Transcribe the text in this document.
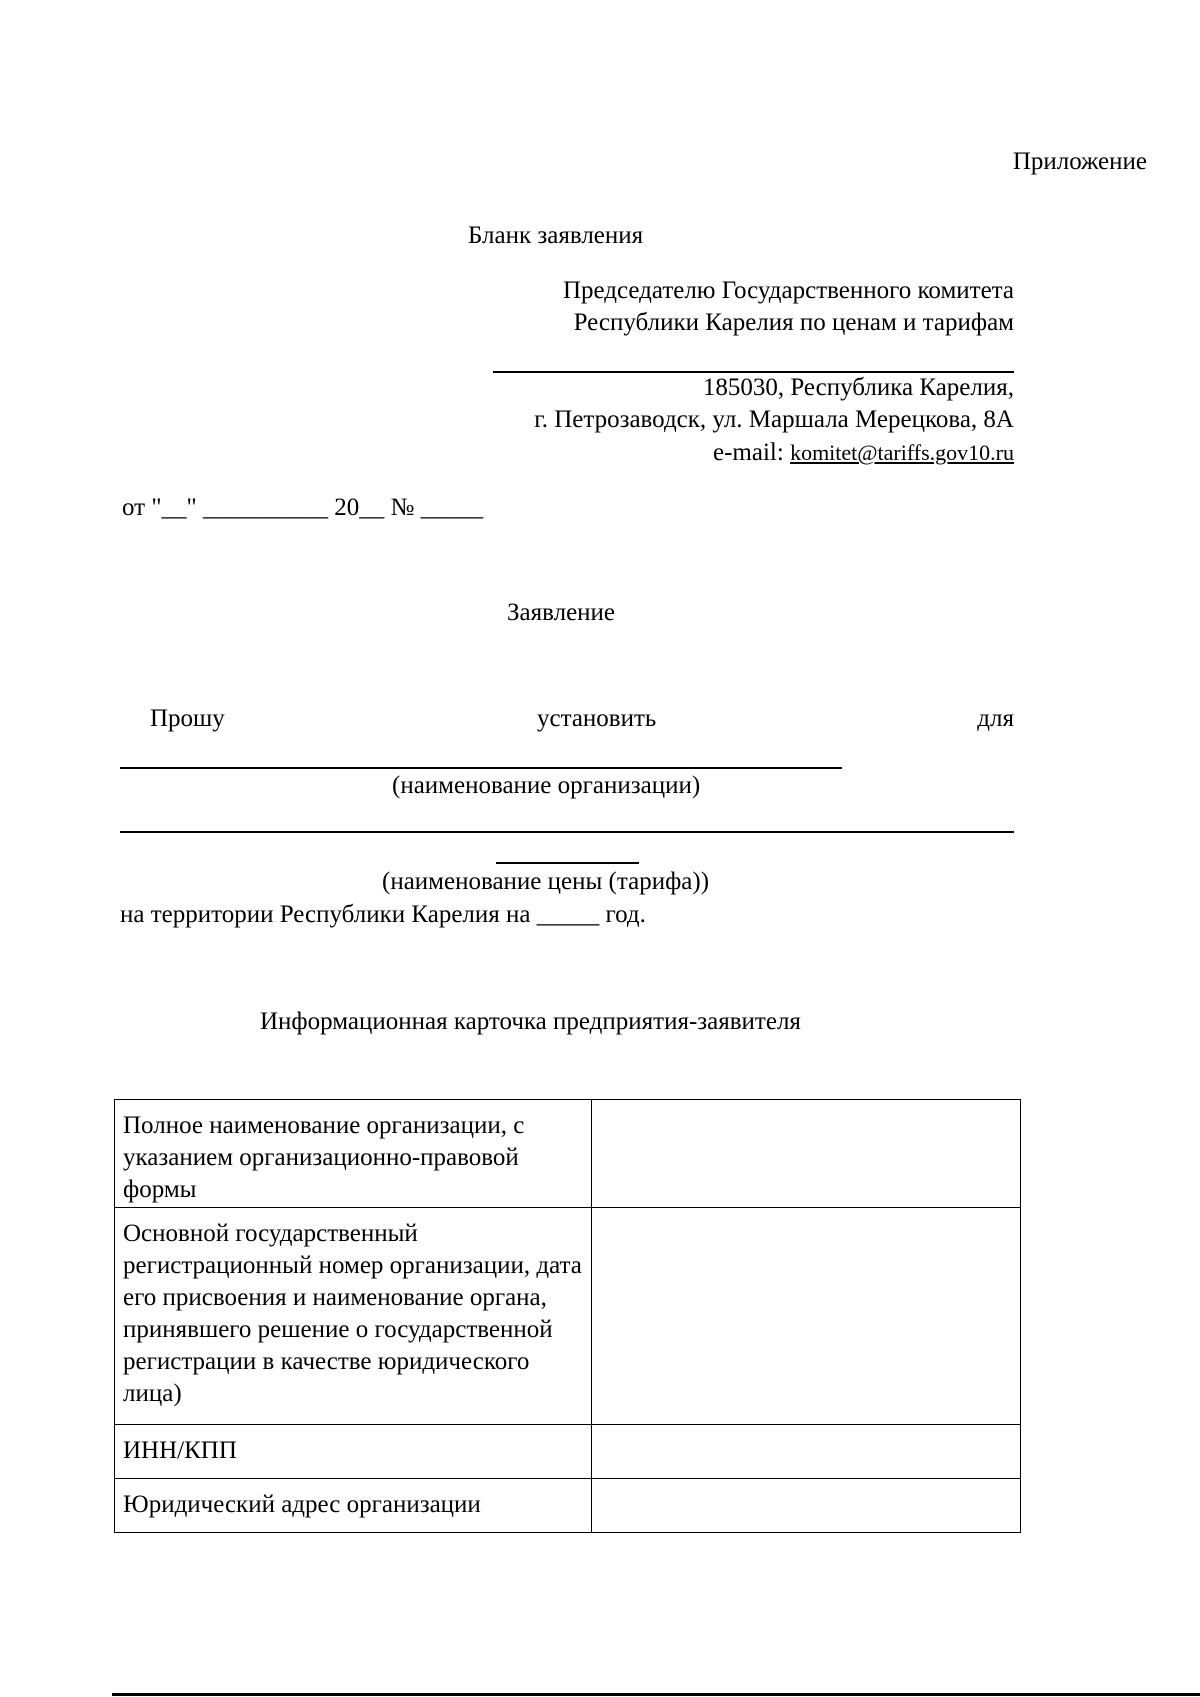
Приложение
Бланк заявления
Председателю Государственного комитета
Республики Карелия по ценам и тарифам
185030, Республика Карелия,
г. Петрозаводск, ул. Маршала Мерецкова, 8А
e-mail: komitet@tariffs.gov10.ru
от "__" __________ 20__ № _____
Заявление
Прошу	установить	для
(наименование организации)
(наименование цены (тарифа))
на территории Республики Карелия на _____ год.
Информационная карточка предприятия-заявителя
Полное наименование организации, с указанием организационно-правовой формы	
Основной государственный регистрационный номер организации, дата его присвоения и наименование органа, принявшего решение о государственной регистрации в качестве юридического лица)	
ИНН/КПП	
Юридический адрес организации	
